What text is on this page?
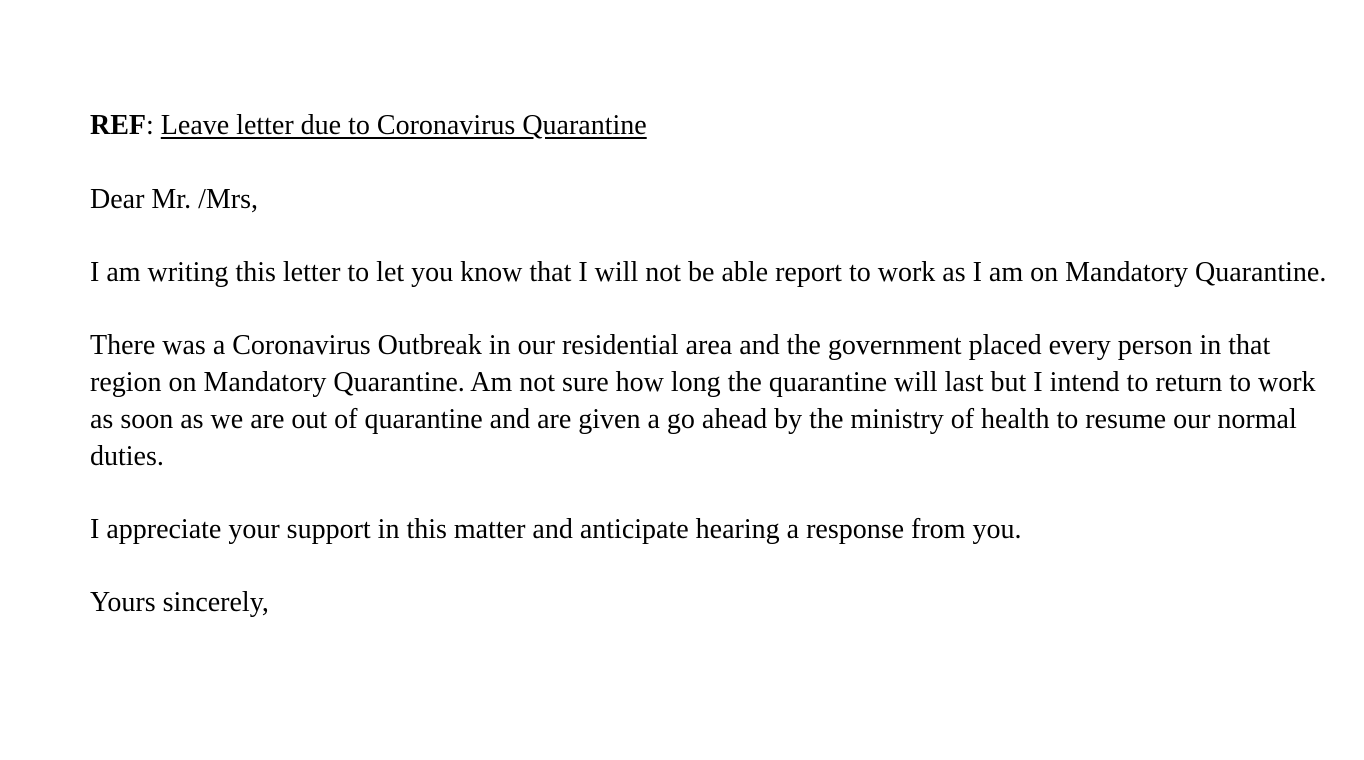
REF: Leave letter due to Coronavirus Quarantine

Dear Mr. /Mrs,

I am writing this letter to let you know that I will not be able report to work as I am on Mandatory Quarantine.

There was a Coronavirus Outbreak in our residential area and the government placed every person in that region on Mandatory Quarantine. Am not sure how long the quarantine will last but I intend to return to work as soon as we are out of quarantine and are given a go ahead by the ministry of health to resume our normal duties.

I appreciate your support in this matter and anticipate hearing a response from you.

Yours sincerely,
